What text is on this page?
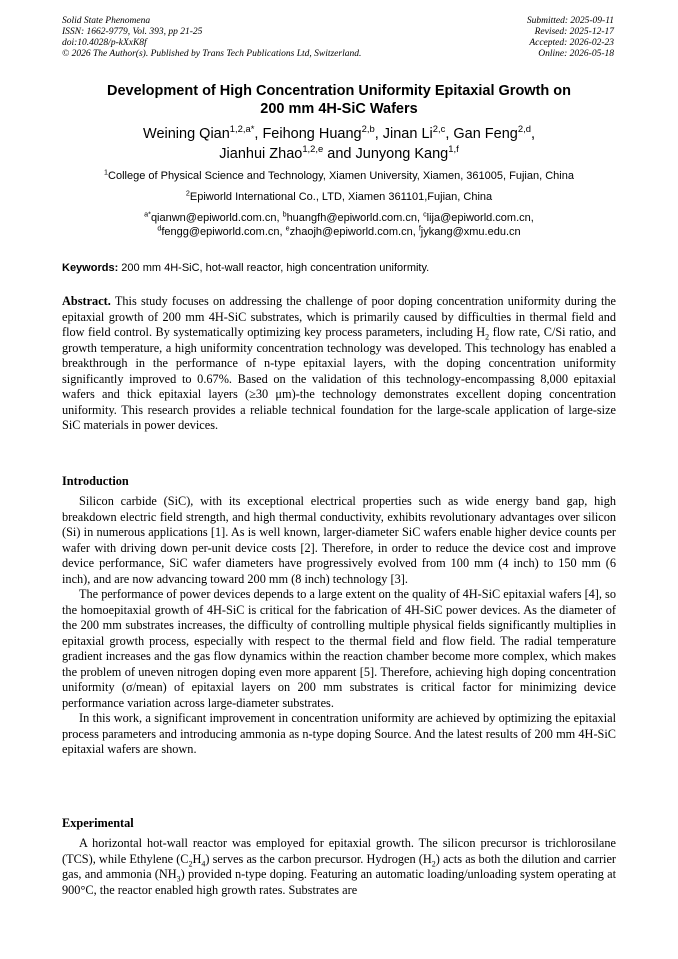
Solid State Phenomena
ISSN: 1662-9779, Vol. 393, pp 21-25
doi:10.4028/p-kXxK8f
© 2026 The Author(s). Published by Trans Tech Publications Ltd, Switzerland.
Submitted: 2025-09-11
Revised: 2025-12-17
Accepted: 2026-02-23
Online: 2026-05-18
Development of High Concentration Uniformity Epitaxial Growth on
200 mm 4H-SiC Wafers
Weining Qian$^{1,2,a*}$, Feihong Huang$^{2,b}$, Jinan Li$^{2,c}$, Gan Feng$^{2,d}$,
Jianhui Zhao$^{1,2,e}$ and Junyong Kang$^{1,f}$
$^1$College of Physical Science and Technology, Xiamen University, Xiamen, 361005, Fujian, China
$^2$Epiworld International Co., LTD, Xiamen 361101,Fujian, China
$^{a*}$qianwn@epiworld.com.cn, $^b$huangfh@epiworld.com.cn, $^c$lija@epiworld.com.cn,
$^d$fengg@epiworld.com.cn, $^e$zhaojh@epiworld.com.cn, $^f$jykang@xmu.edu.cn
Keywords: 200 mm 4H-SiC, hot-wall reactor, high concentration uniformity.
Abstract. This study focuses on addressing the challenge of poor doping concentration uniformity during the epitaxial growth of 200 mm 4H-SiC substrates, which is primarily caused by difficulties in thermal field and flow field control. By systematically optimizing key process parameters, including $H_2$ flow rate, C/Si ratio, and growth temperature, a high uniformity concentration technology was developed. This technology has enabled a breakthrough in the performance of n-type epitaxial layers, with the doping concentration uniformity significantly improved to 0.67%. Based on the validation of this technology-encompassing 8,000 epitaxial wafers and thick epitaxial layers (≥30 μm)-the technology demonstrates excellent doping concentration uniformity. This research provides a reliable technical foundation for the large-scale application of large-size SiC materials in power devices.
Introduction

Silicon carbide (SiC), with its exceptional electrical properties such as wide energy band gap, high breakdown electric field strength, and high thermal conductivity, exhibits revolutionary advantages over silicon (Si) in numerous applications [1]. As is well known, larger-diameter SiC wafers enable higher device counts per wafer with driving down per-unit device costs [2]. Therefore, in order to reduce the device cost and improve device performance, SiC wafer diameters have progressively evolved from 100 mm (4 inch) to 150 mm (6 inch), and are now advancing toward 200 mm (8 inch) technology [3].

The performance of power devices depends to a large extent on the quality of 4H-SiC epitaxial wafers [4], so the homoepitaxial growth of 4H-SiC is critical for the fabrication of 4H-SiC power devices. As the diameter of the 200 mm substrates increases, the difficulty of controlling multiple physical fields significantly multiplies in epitaxial growth process, especially with respect to the thermal field and flow field. The radial temperature gradient increases and the gas flow dynamics within the reaction chamber become more complex, which makes the problem of uneven nitrogen doping even more apparent [5]. Therefore, achieving high doping concentration uniformity (σ/mean) of epitaxial layers on 200 mm substrates is critical factor for minimizing device performance variation across large-diameter substrates.

In this work, a significant improvement in concentration uniformity are achieved by optimizing the epitaxial process parameters and introducing ammonia as n-type doping Source. And the latest results of 200 mm 4H-SiC epitaxial wafers are shown.

Experimental

A horizontal hot-wall reactor was employed for epitaxial growth. The silicon precursor is trichlorosilane (TCS), while Ethylene $(C_2H_4)$ serves as the carbon precursor. Hydrogen $(H_2)$ acts as both the dilution and carrier gas, and ammonia $(NH_3)$ provided n-type doping. Featuring an automatic loading/unloading system operating at 900°C, the reactor enabled high growth rates. Substrates are
